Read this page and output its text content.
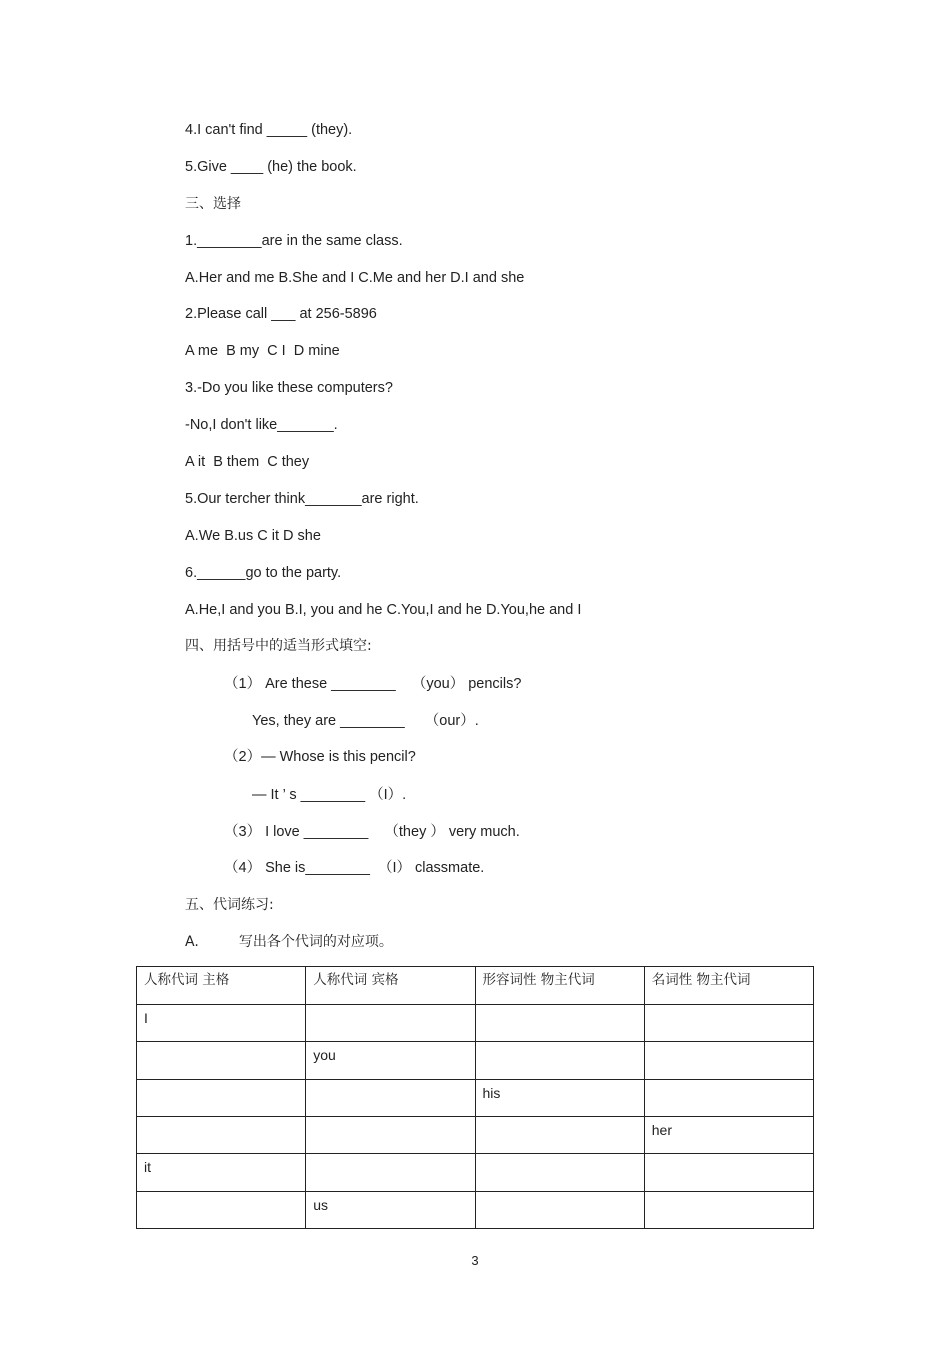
4.I can't find _____ (they).
5.Give ____ (he) the book.
三、选择
1.________are in the same class.
A.Her and me B.She and I C.Me and her D.I and she
2.Please call ___ at 256-5896
A me  B my  C I  D mine
3.-Do you like these computers?
-No,I don't like_______.
A it  B them  C they
5.Our tercher think_______are right.
A.We B.us C it D she
6.______go to the party.
A.He,I and you B.I, you and he C.You,I and he D.You,he and I
四、用括号中的适当形式填空:
（1） Are these ________    （you） pencils?
Yes, they are ________     （our）.
（2）— Whose is this pencil?
— It ’ s ________ （I）.
（3） I love ________    （they ） very much.
（4） She is________  （I） classmate.
五、代词练习:
A.         写出各个代词的对应项。
人称代词 主格	人称代词 宾格	形容词性 物主代词	名词性 物主代词
I			
	you		
		his	
			her
it			
	us		
3
